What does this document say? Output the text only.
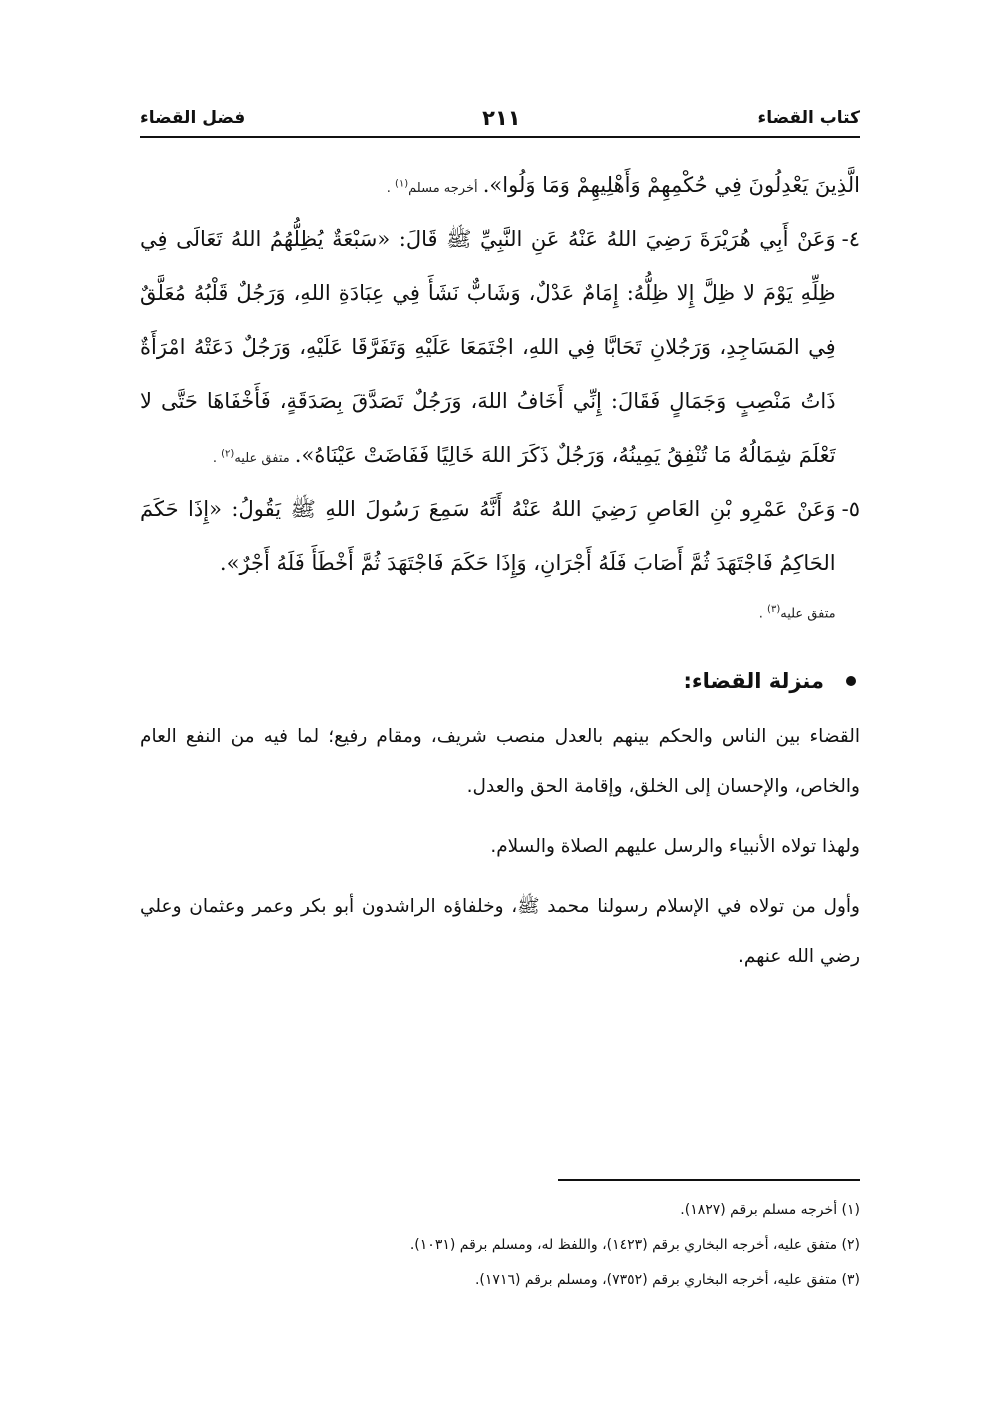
كتاب القضاء
٢١١
فضل القضاء

الَّذِينَ يَعْدِلُونَ فِي حُكْمِهِمْ وَأَهْلِيهِمْ وَمَا وَلُوا». أخرجه مسلم$^{(١)}$ .

٤-
وَعَنْ أَبِي هُرَيْرَةَ رَضِيَ اللهُ عَنْهُ عَنِ النَّبِيِّ ﷺ قَالَ: «سَبْعَةٌ يُظِلُّهُمُ اللهُ تَعَالَى فِي ظِلِّهِ يَوْمَ لا ظِلَّ إِلا ظِلُّهُ: إِمَامٌ عَدْلٌ، وَشَابٌّ نَشَأَ فِي عِبَادَةِ اللهِ، وَرَجُلٌ قَلْبُهُ مُعَلَّقٌ فِي المَسَاجِدِ، وَرَجُلانِ تَحَابَّا فِي اللهِ، اجْتَمَعَا عَلَيْهِ وَتَفَرَّقَا عَلَيْهِ، وَرَجُلٌ دَعَتْهُ امْرَأَةٌ ذَاتُ مَنْصِبٍ وَجَمَالٍ فَقَالَ: إِنِّي أَخَافُ اللهَ، وَرَجُلٌ تَصَدَّقَ بِصَدَقَةٍ، فَأَخْفَاهَا حَتَّى لا تَعْلَمَ شِمَالُهُ مَا تُنْفِقُ يَمِينُهُ، وَرَجُلٌ ذَكَرَ اللهَ خَالِيًا فَفَاضَتْ عَيْنَاهُ». متفق عليه$^{(٢)}$ .
٥-
وَعَنْ عَمْرِو بْنِ العَاصِ رَضِيَ اللهُ عَنْهُ أَنَّهُ سَمِعَ رَسُولَ اللهِ ﷺ يَقُولُ: «إِذَا حَكَمَ الحَاكِمُ فَاجْتَهَدَ ثُمَّ أَصَابَ فَلَهُ أَجْرَانِ، وَإِذَا حَكَمَ فَاجْتَهَدَ ثُمَّ أَخْطَأَ فَلَهُ أَجْرٌ».
متفق عليه$^{(٣)}$ .
منزلة القضاء:

القضاء بين الناس والحكم بينهم بالعدل منصب شريف، ومقام رفيع؛ لما فيه من النفع العام والخاص، والإحسان إلى الخلق، وإقامة الحق والعدل.

ولهذا تولاه الأنبياء والرسل عليهم الصلاة والسلام.

وأول من تولاه في الإسلام رسولنا محمد ﷺ، وخلفاؤه الراشدون أبو بكر وعمر وعثمان وعلي رضي الله عنهم.

(١) أخرجه مسلم برقم (١٨٢٧).

(٢) متفق عليه، أخرجه البخاري برقم (١٤٢٣)، واللفظ له، ومسلم برقم (١٠٣١).

(٣) متفق عليه، أخرجه البخاري برقم (٧٣٥٢)، ومسلم برقم (١٧١٦).
